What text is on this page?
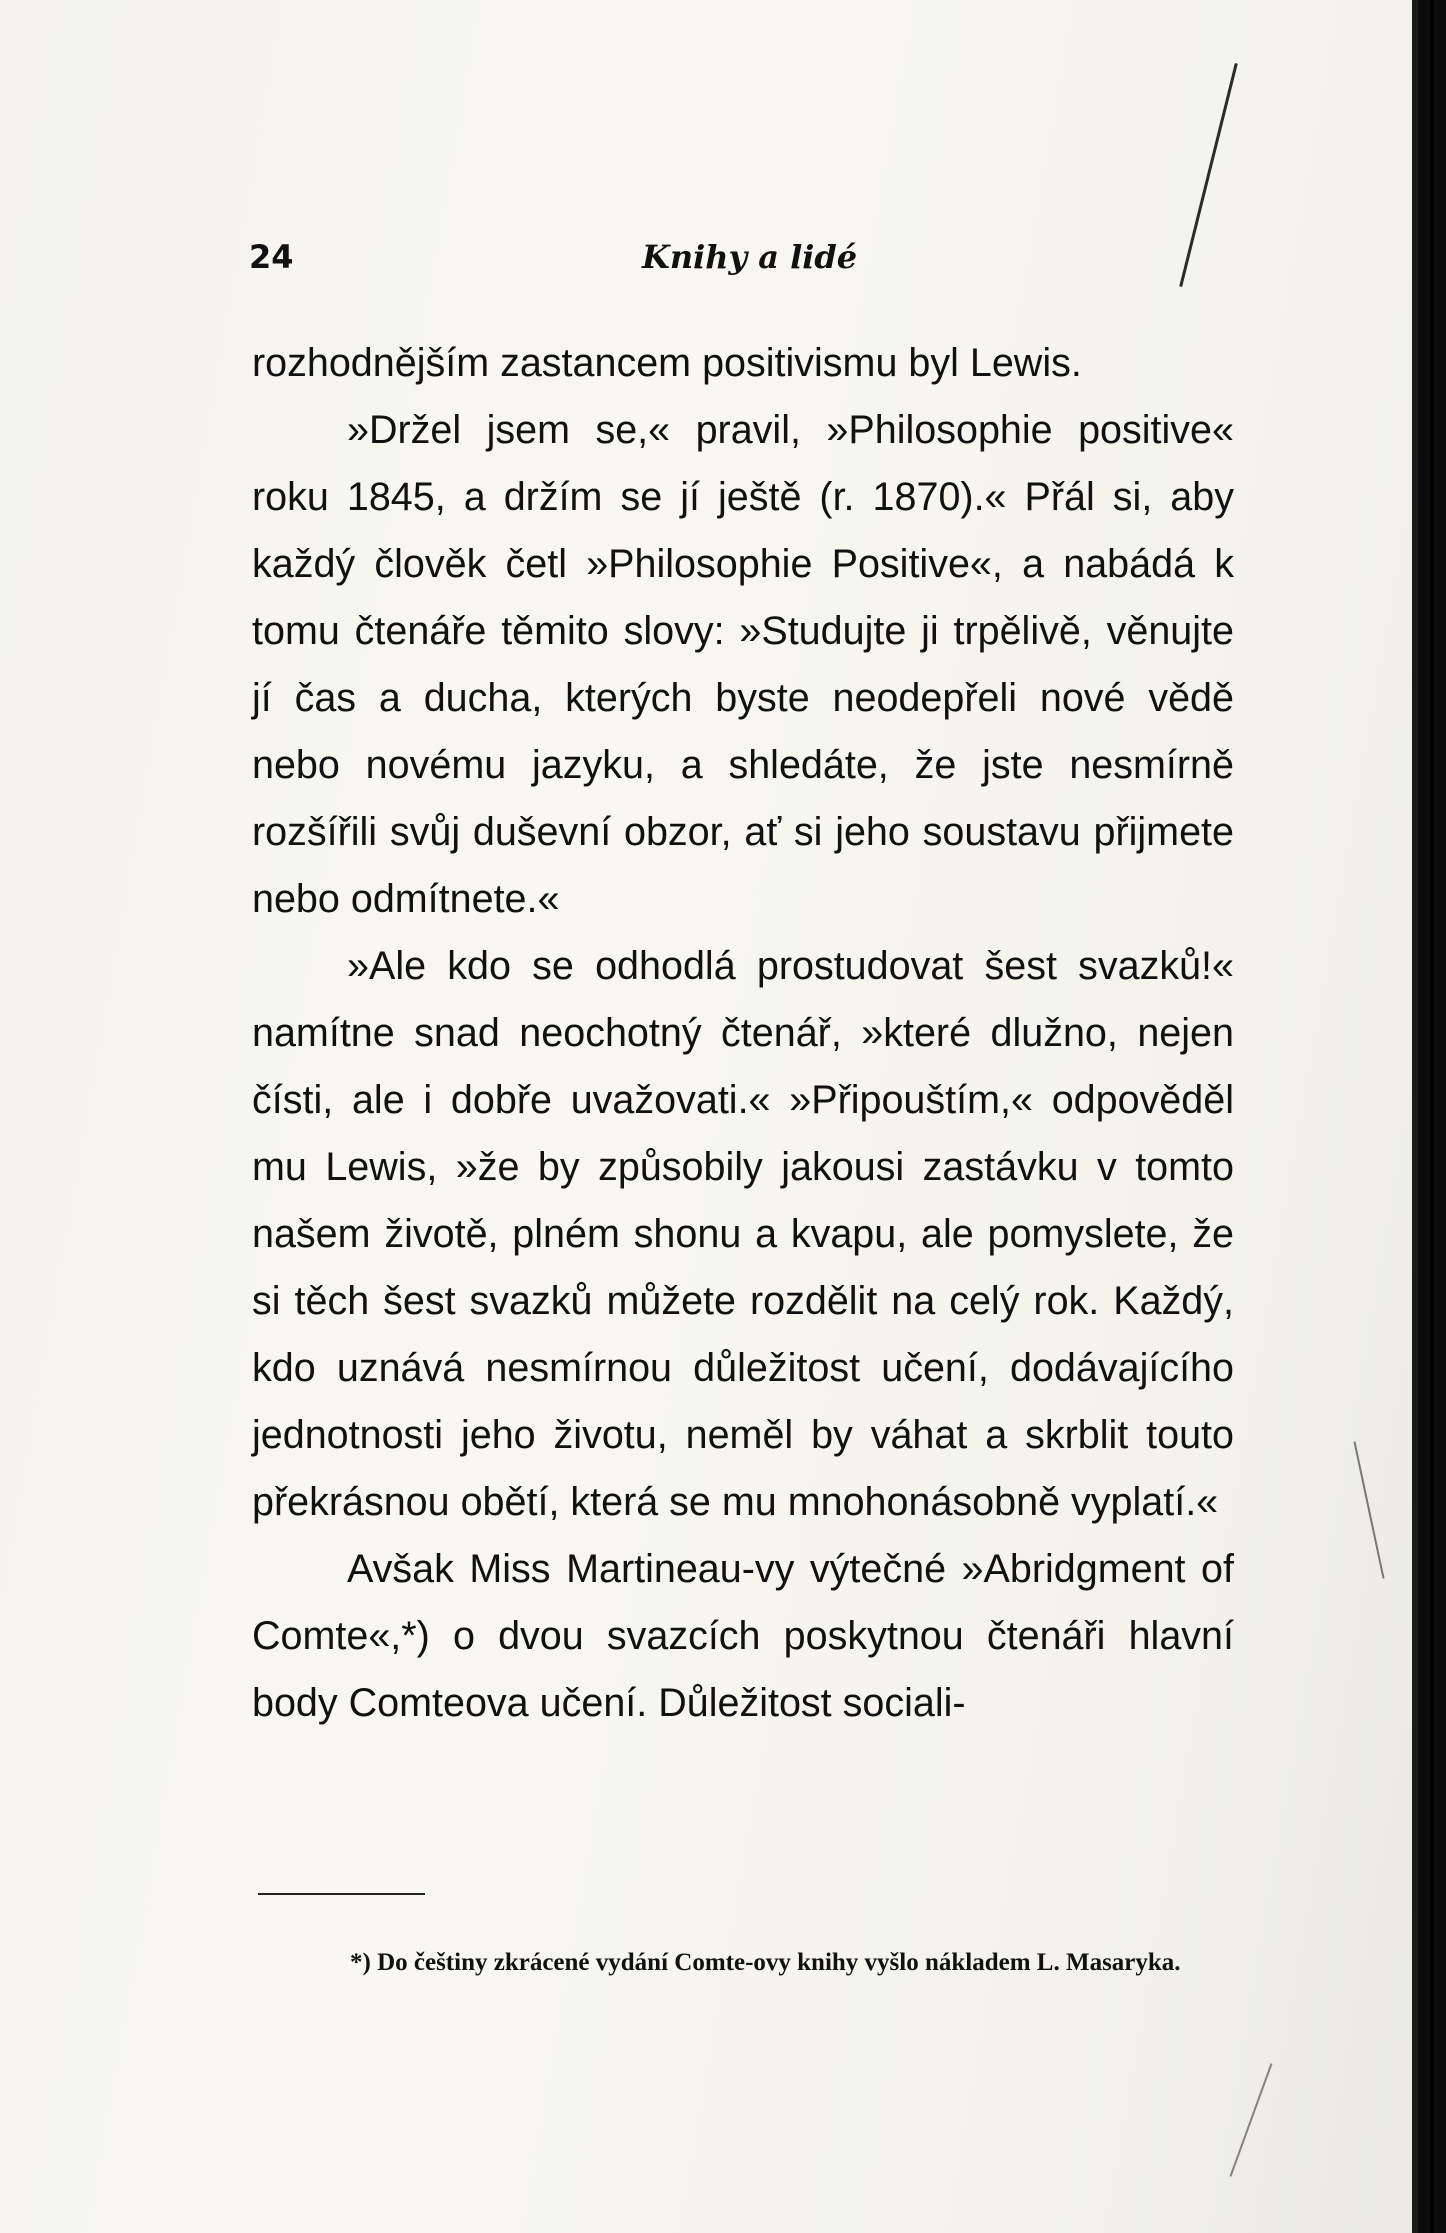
24	Knihy a lidé

rozhodnějším zastancem positivismu byl Lewis.

»Držel jsem se,« pravil, »Philosophie positive« roku 1845, a držím se jí ještě (r. 1870).« Přál si, aby každý člověk četl »Philosophie Positive«, a nabádá k tomu čtenáře těmito slovy: »Studujte ji trpělivě, věnujte jí čas a ducha, kterých byste neodepřeli nové vědě nebo novému jazyku, a shledáte, že jste nesmírně rozšířili svůj duševní obzor, ať si jeho soustavu přijmete nebo odmítnete.«

»Ale kdo se odhodlá prostudovat šest svazků!« namítne snad neochotný čtenář, »které dlužno, nejen čísti, ale i dobře uvažovati.« »Připouštím,« odpověděl mu Lewis, »že by způsobily jakousi zastávku v tomto našem životě, plném shonu a kvapu, ale pomyslete, že si těch šest svazků můžete rozdělit na celý rok. Každý, kdo uznává nesmírnou důležitost učení, dodávajícího jednotnosti jeho životu, neměl by váhat a skrblit touto překrásnou obětí, která se mu mnohonásobně vyplatí.«

Avšak Miss Martineau-vy výtečné »Abridgment of Comte«,*) o dvou svazcích poskytnou čtenáři hlavní body Comteova učení. Důležitost sociali-

*) Do češtiny zkrácené vydání Comte-ovy knihy vyšlo nákladem L. Masaryka.
